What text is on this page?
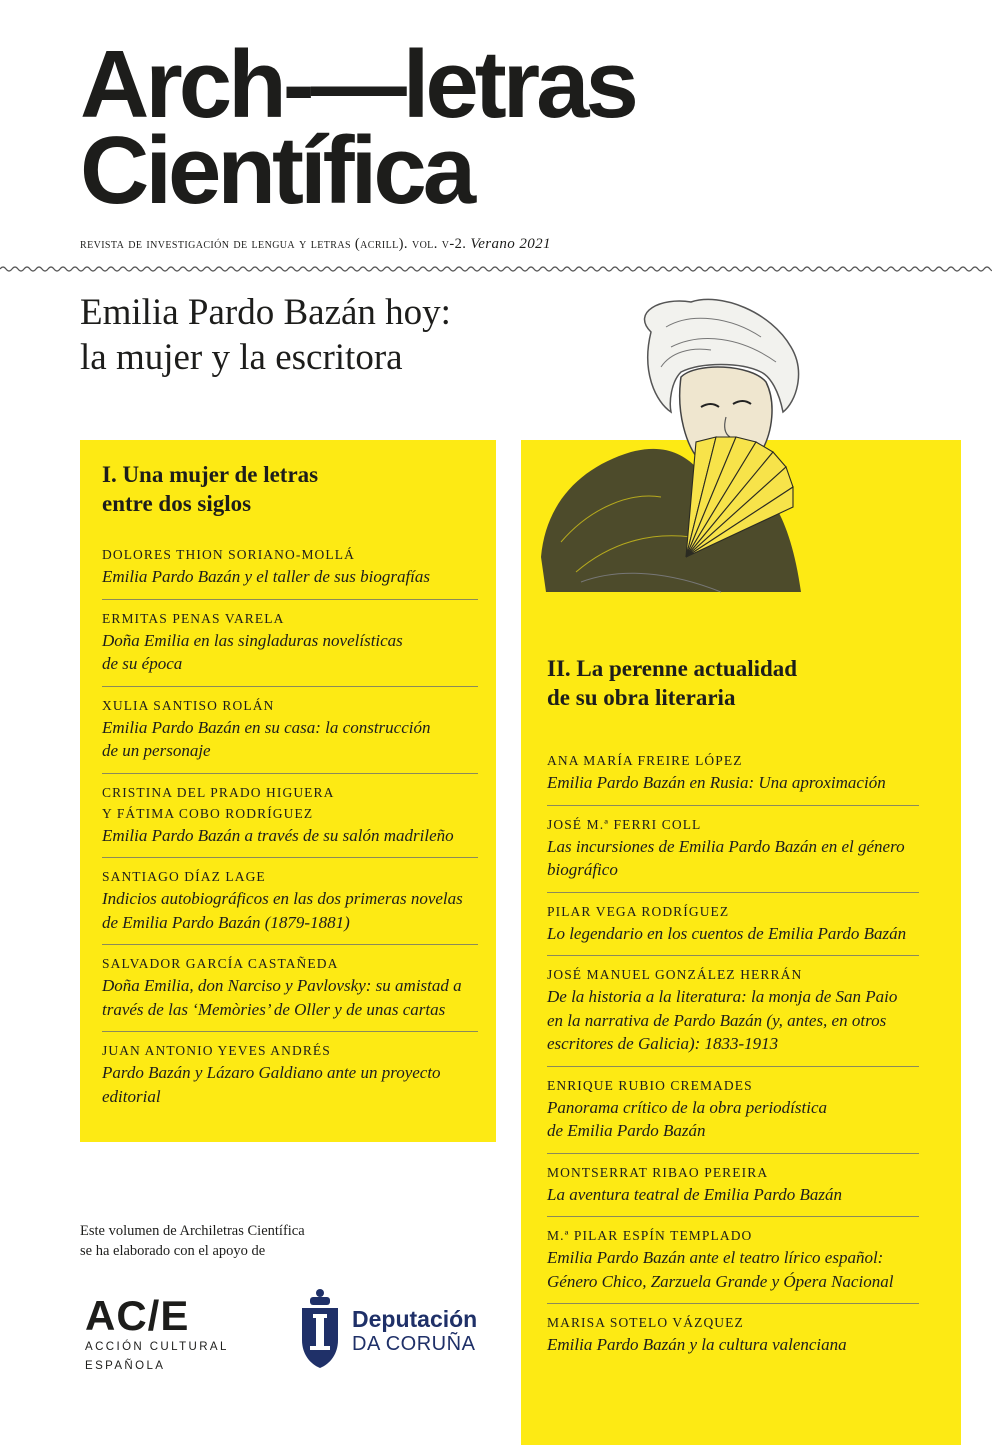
Arch-—letras
Científica
revista de investigación de lengua y letras (acrill). vol. v-2. Verano 2021
Emilia Pardo Bazán hoy:
la mujer y la escritora
I. Una mujer de letras
entre dos siglos
DOLORES THION SORIANO-MOLLÁ
Emilia Pardo Bazán y el taller de sus biografías
ERMITAS PENAS VARELA
Doña Emilia en las singladuras novelísticas
de su época
XULIA SANTISO ROLÁN
Emilia Pardo Bazán en su casa: la construcción
de un personaje
CRISTINA DEL PRADO HIGUERA
Y FÁTIMA COBO RODRÍGUEZ
Emilia Pardo Bazán a través de su salón madrileño
SANTIAGO DÍAZ LAGE
Indicios autobiográficos en las dos primeras novelas
de Emilia Pardo Bazán (1879-1881)
SALVADOR GARCÍA CASTAÑEDA
Doña Emilia, don Narciso y Pavlovsky: su amistad a
través de las ‘Memòries’ de Oller y de unas cartas
JUAN ANTONIO YEVES ANDRÉS
Pardo Bazán y Lázaro Galdiano ante un proyecto
editorial
II. La perenne actualidad
de su obra literaria
ANA MARÍA FREIRE LÓPEZ
Emilia Pardo Bazán en Rusia: Una aproximación
JOSÉ M.ª FERRI COLL
Las incursiones de Emilia Pardo Bazán en el género
biográfico
PILAR VEGA RODRÍGUEZ
Lo legendario en los cuentos de Emilia Pardo Bazán
JOSÉ MANUEL GONZÁLEZ HERRÁN
De la historia a la literatura: la monja de San Paio
en la narrativa de Pardo Bazán (y, antes, en otros
escritores de Galicia): 1833-1913
ENRIQUE RUBIO CREMADES
Panorama crítico de la obra periodística
de Emilia Pardo Bazán
MONTSERRAT RIBAO PEREIRA
La aventura teatral de Emilia Pardo Bazán
M.ª PILAR ESPÍN TEMPLADO
Emilia Pardo Bazán ante el teatro lírico español:
Género Chico, Zarzuela Grande y Ópera Nacional
MARISA SOTELO VÁZQUEZ
Emilia Pardo Bazán y la cultura valenciana
Este volumen de Archiletras Científica
se ha elaborado con el apoyo de
AC/E
ACCIÓN CULTURAL
ESPAÑOLA
Deputación
DA CORUÑA
